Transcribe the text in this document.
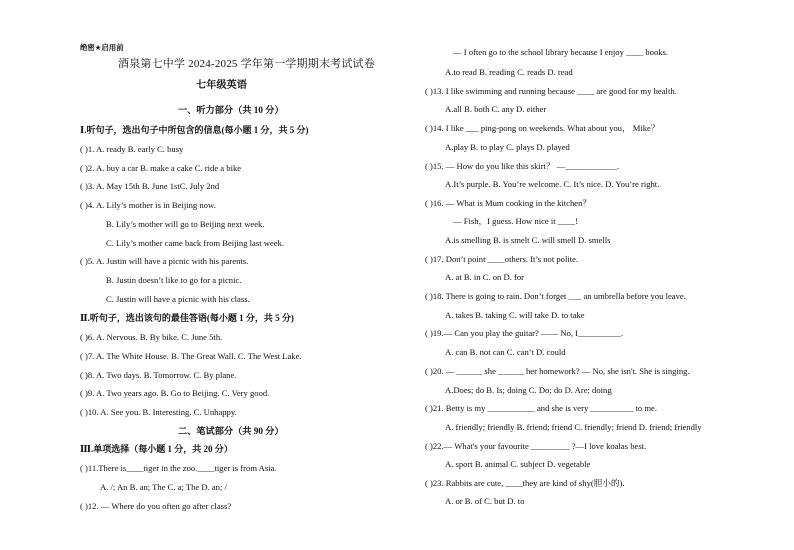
绝密★启用前
酒泉第七中学 2024-2025 学年第一学期期末考试试卷
七年级英语
一、听力部分（共 10 分）
Ⅰ.听句子，选出句子中所包含的信息(每小题 1 分，共 5 分)
( )1. A. ready B. early C. busy
( )2. A. buy a car B. make a cake C. ride a bike
( )3. A. May 15th B. June 1stC. July 2nd
( )4. A. Lily’s mother is in Beijing now.
B. Lily’s mother will go to Beijing next week.
C. Lily’s mother came back from Beijing last week.
( )5. A. Justin will have a picnic with his parents.
B. Justin doesn’t like to go for a picnic.
C. Justin will have a picnic with his class.
Ⅱ.听句子，选出该句的最佳答语(每小题 1 分，共 5 分)
( )6. A. Nervous. B. By bike. C. June 5th.
( )7. A. The White House. B. The Great Wall. C. The West Lake.
( )8. A. Two days. B. Tomorrow. C. By plane.
( )9. A. Two years ago. B. Go to Beijing. C. Very good.
( )10. A. See you. B. Interesting. C. Unhappy.
二、笔试部分（共 90 分）
Ⅲ.单项选择（每小题 1 分，共 20 分）
( )11.There is____tiger in the zoo.____tiger is from Asia.
A. /; An B. an; The C. a; The D. an; /
( )12. — Where do you often go after class?
— I often go to the school library because I enjoy ____ books.
A.to read B. reading C. reads D. read
( )13. I like swimming and running because ____ are good for my health.
A.all B. both C. any D. either
( )14. I like ___ ping-pong on weekends. What about you， Mike？
A.play B. to play C. plays D. played
( )15. — How do you like this skirt？ —____________.
A.It’s purple. B. You’re welcome. C. It’s nice. D. You’re right.
( )16. — What is Mum cooking in the kitchen？
— Fish，I guess. How nice it ____!
A.is smelling B. is smelt C. will smell D. smells
( )17. Don’t point ____others. It’s not polite.
A. at B. in C. on D. for
( )18. There is going to rain. Don’t forget ___ an umbrella before you leave.
A. takes B. taking C. will take D. to take
( )19.— Can you play the guitar? —— No, I__________.
A. can B. not can C. can’t D. could
( )20. — ______ she ______ her homework? — No, she isn't. She is singing.
A.Does; do B. Is; doing C. Do; do D. Are; doing
( )21. Betty is my ___________ and she is very __________ to me.
A. friendly; friendly B. friend; friend C. friendly; friend D. friend; friendly
( )22.— What's your favourite _________ ?—I love koalas best.
A. sport B. animal C. subject D. vegetable
( )23. Rabbits are cute, ____they are kind of shy(胆小的).
A. or B. of C. but D. to
